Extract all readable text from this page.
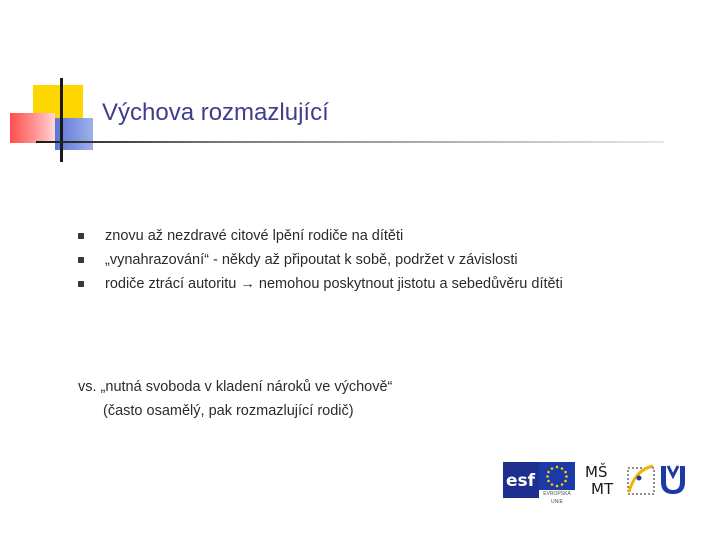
Výchova rozmazlující
znovu až nezdravé citové lpění rodiče na dítěti
„vynahrazování“ - někdy až připoutat k sobě, podržet v závislosti
rodiče ztrácí autoritu → nemohou poskytnout jistotu a sebedůvěru dítěti
vs. „nutná svoboda v kladení nároků ve výchově“
(často osamělý, pak rozmazlující rodič)
esf
EVROPSKÁ UNIE
MŠ
MT
